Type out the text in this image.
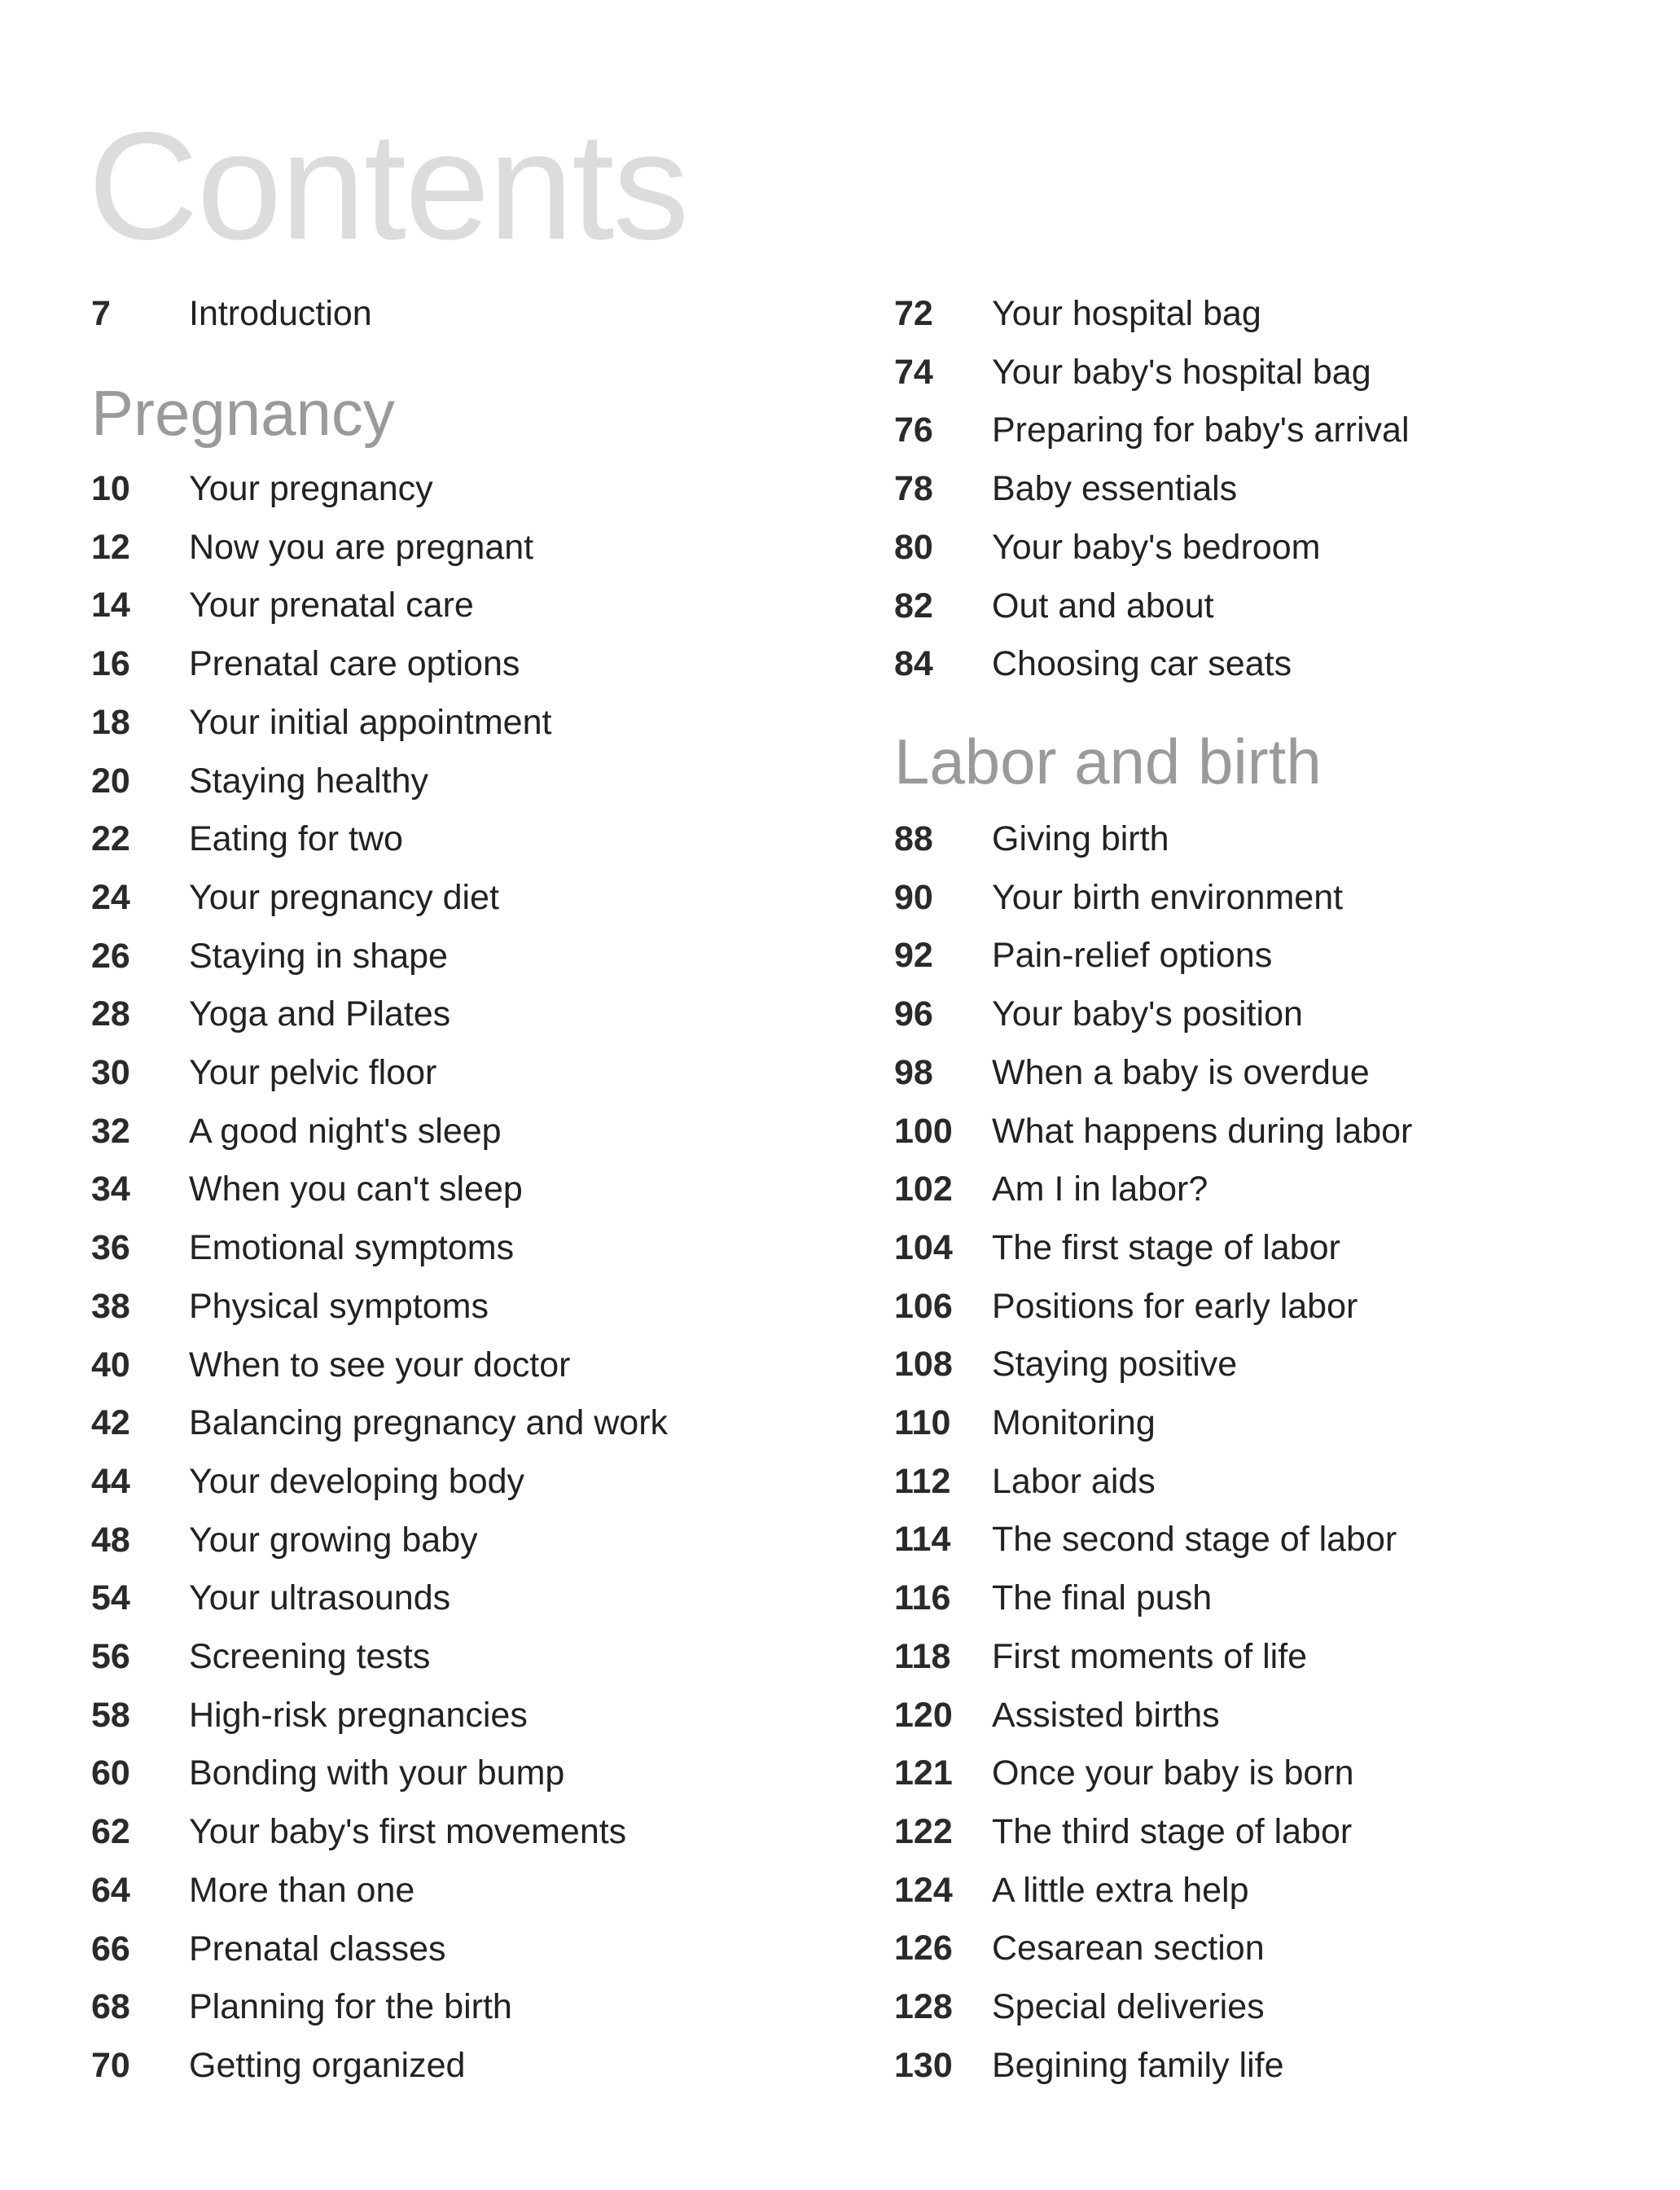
Contents
7	Introduction
Pregnancy
10	Your pregnancy
12	Now you are pregnant
14	Your prenatal care
16	Prenatal care options
18	Your initial appointment
20	Staying healthy
22	Eating for two
24	Your pregnancy diet
26	Staying in shape
28	Yoga and Pilates
30	Your pelvic floor
32	A good night's sleep
34	When you can't sleep
36	Emotional symptoms
38	Physical symptoms
40	When to see your doctor
42	Balancing pregnancy and work
44	Your developing body
48	Your growing baby
54	Your ultrasounds
56	Screening tests
58	High-risk pregnancies
60	Bonding with your bump
62	Your baby's first movements
64	More than one
66	Prenatal classes
68	Planning for the birth
70	Getting organized
72	Your hospital bag
74	Your baby's hospital bag
76	Preparing for baby's arrival
78	Baby essentials
80	Your baby's bedroom
82	Out and about
84	Choosing car seats
Labor and birth
88	Giving birth
90	Your birth environment
92	Pain-relief options
96	Your baby's position
98	When a baby is overdue
100	What happens during labor
102	Am I in labor?
104	The first stage of labor
106	Positions for early labor
108	Staying positive
110	Monitoring
112	Labor aids
114	The second stage of labor
116	The final push
118	First moments of life
120	Assisted births
121	Once your baby is born
122	The third stage of labor
124	A little extra help
126	Cesarean section
128	Special deliveries
130	Begining family life
